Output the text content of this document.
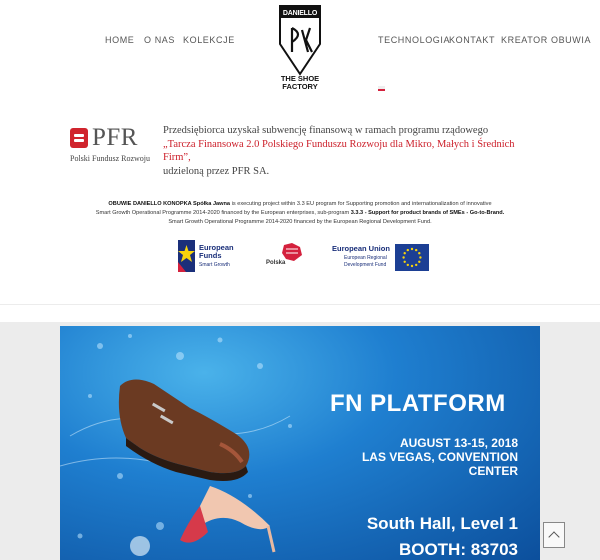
HOME O NAS KOLEKCJE
DANIELLO
THE SHOE
FACTORY
TECHNOLOGIA
KONTAKT KREATOR OBUWIA
PFR
Polski Fundusz Rozwoju
Przedsiębiorca uzyskał subwencję finansową w ramach programu rządowego
„Tarcza Finansowa 2.0 Polskiego Funduszu Rozwoju dla Mikro, Małych i Średnich Firm”,
udzieloną przez PFR SA.
OBUWIE DANIELLO KONOPKA Spółka Jawna is executing project within 3.3 EU program for Supporting promotion and internationalization of innovative
Smart Growth Operational Programme 2014-2020 financed by the European enterprises, sub-program 3.3.3 - Support for product brands of SMEs - Go-to-Brand.
Smart Growth Operational Programme 2014-2020 financed by the European Regional Development Fund.
European
Funds
Smart Growth	Polska
European Union
European Regional
Development Fund
FN PLATFORM
AUGUST 13-15, 2018
LAS VEGAS, CONVENTION CENTER
South Hall, Level 1
BOOTH: 83703
